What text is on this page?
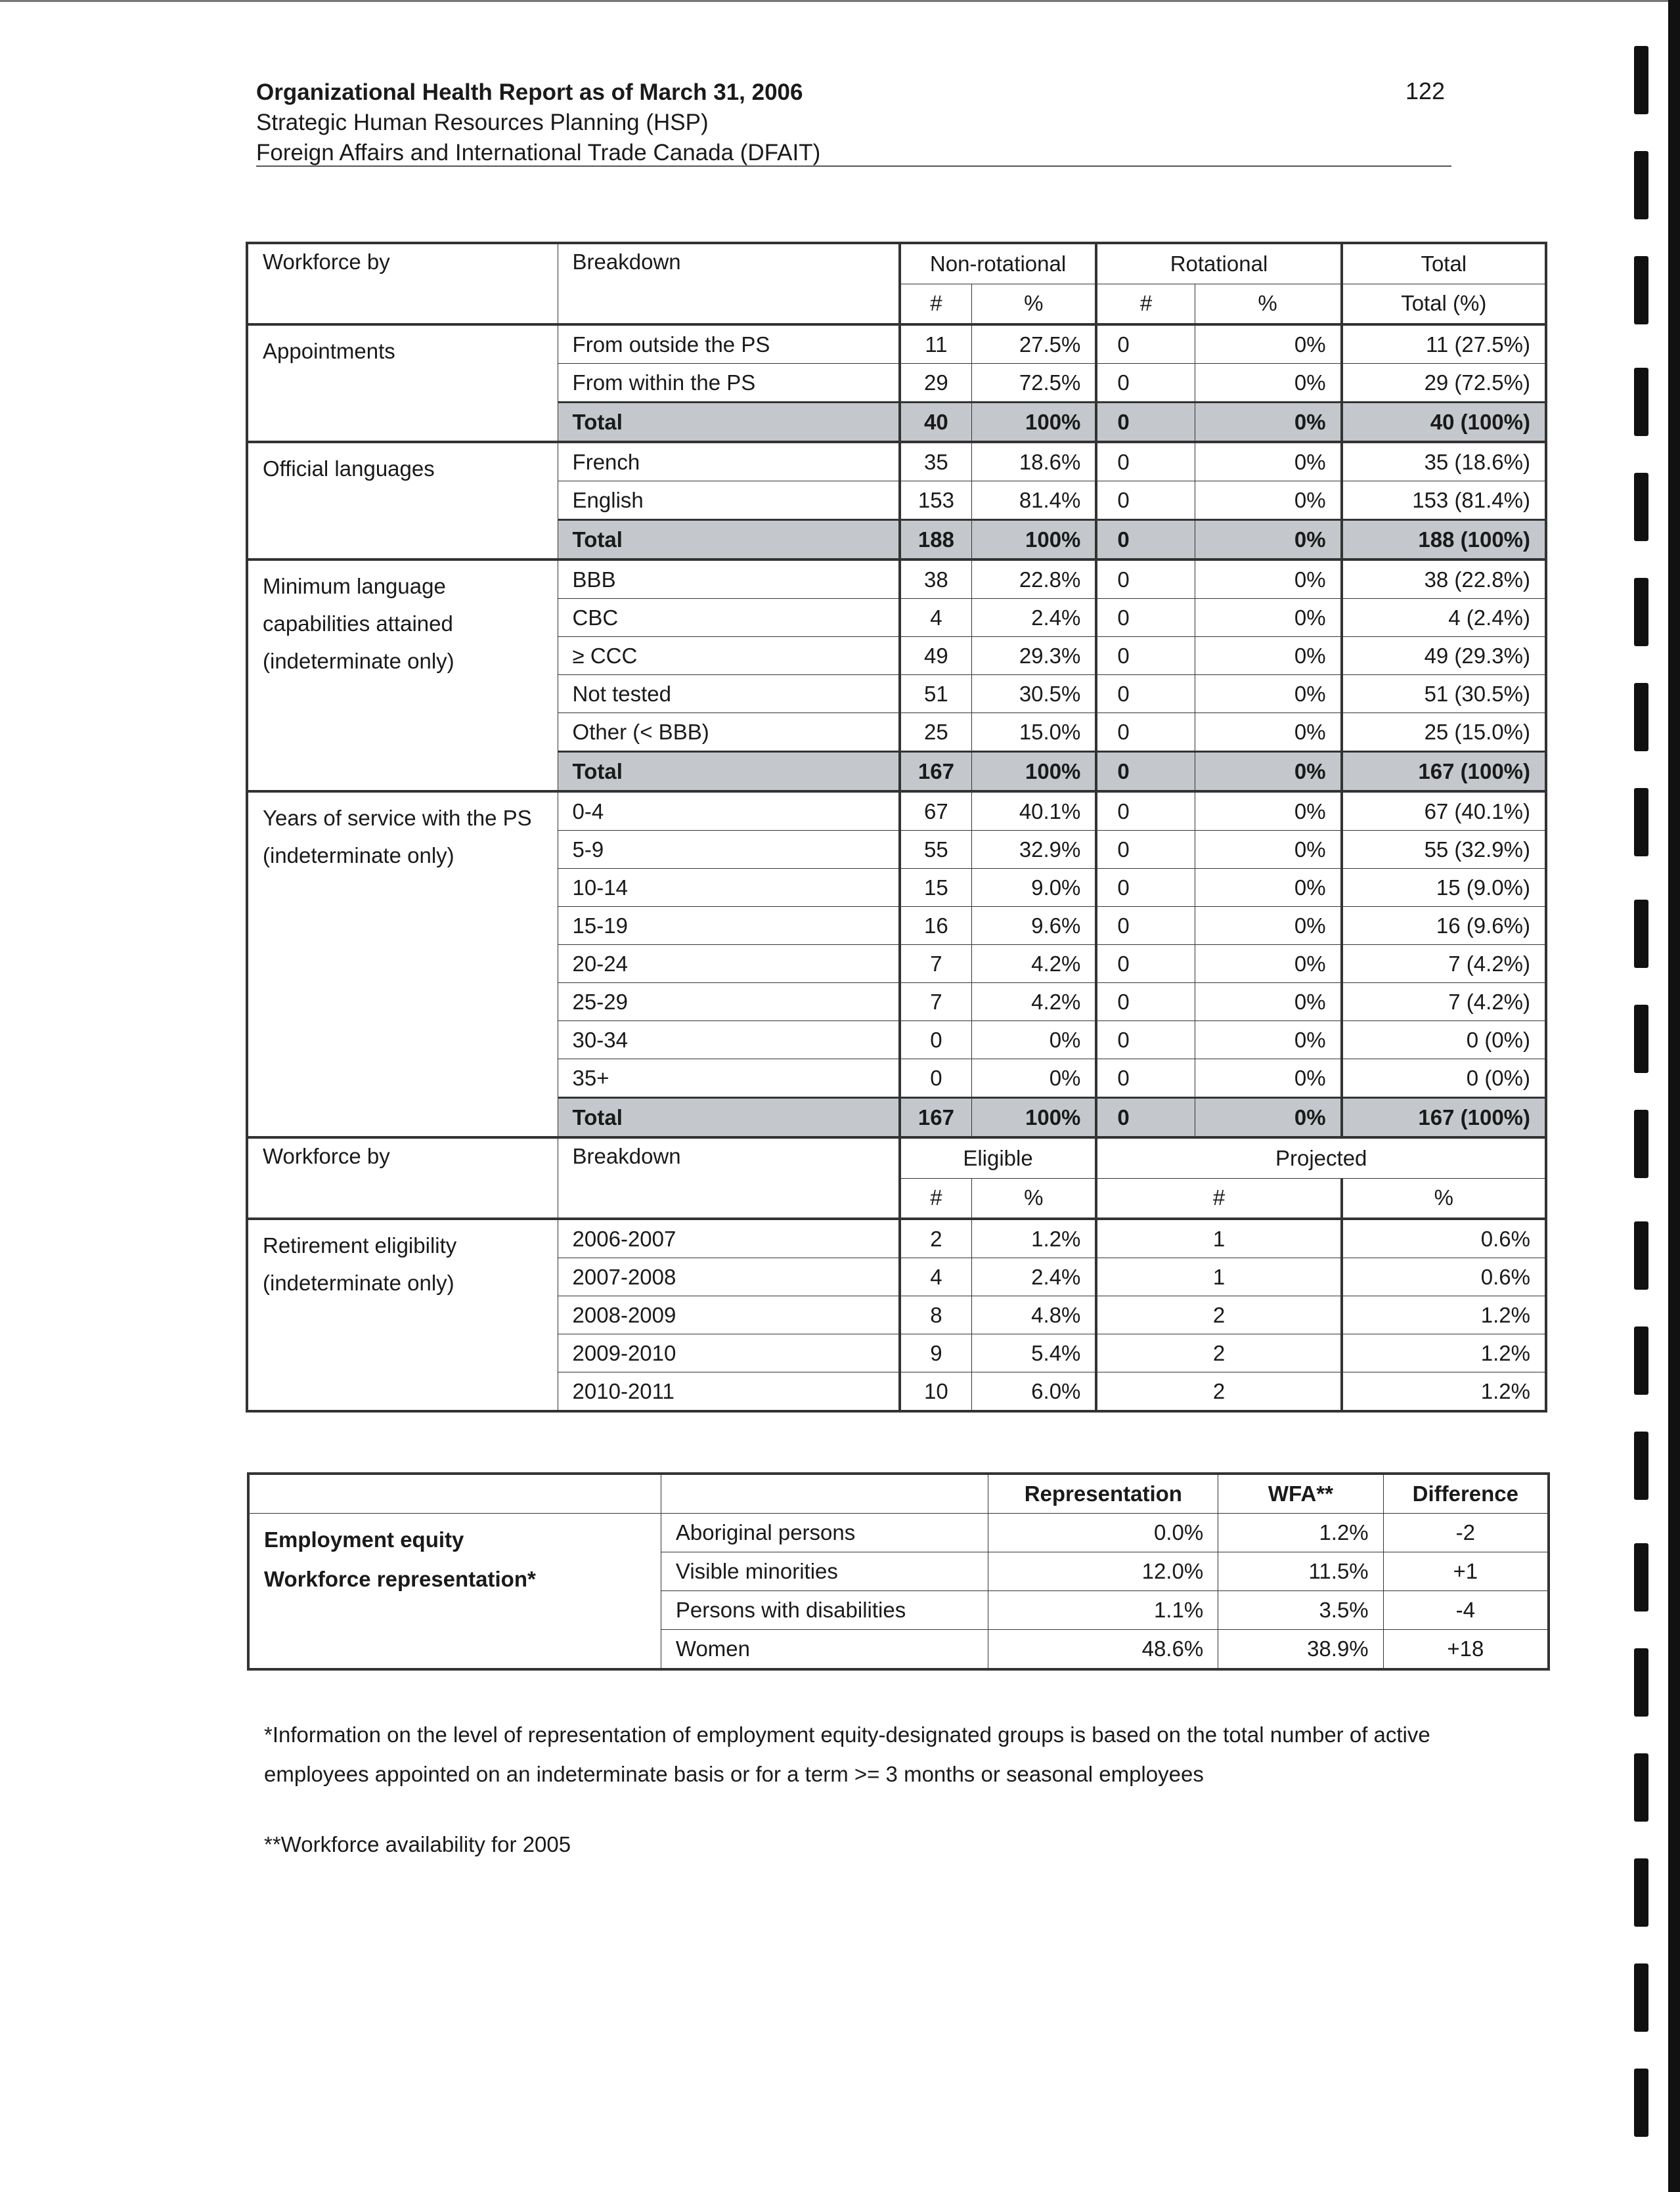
Organizational Health Report as of March 31, 2006
Strategic Human Resources Planning (HSP)
Foreign Affairs and International Trade Canada (DFAIT)
122
Workforce by	Breakdown	Non-rotational		Rotational		Total
		#	%	#	%	Total (%)

Appointments	From outside the PS	11	27.5%	0	0%	11 (27.5%)
	From within the PS	29	72.5%	0	0%	29 (72.5%)
	Total	40	100%	0	0%	40 (100%)

Official languages	French	35	18.6%	0	0%	35 (18.6%)
	English	153	81.4%	0	0%	153 (81.4%)
	Total	188	100%	0	0%	188 (100%)

Minimum language
capabilities attained
(indeterminate only)	BBB	38	22.8%	0	0%	38 (22.8%)
	CBC	4	2.4%	0	0%	4 (2.4%)
	≥ CCC	49	29.3%	0	0%	49 (29.3%)
	Not tested	51	30.5%	0	0%	51 (30.5%)
	Other (< BBB)	25	15.0%	0	0%	25 (15.0%)
	Total	167	100%	0	0%	167 (100%)

Years of service with the PS
(indeterminate only)	0-4	67	40.1%	0	0%	67 (40.1%)
	5-9	55	32.9%	0	0%	55 (32.9%)
	10-14	15	9.0%	0	0%	15 (9.0%)
	15-19	16	9.6%	0	0%	16 (9.6%)
	20-24	7	4.2%	0	0%	7 (4.2%)
	25-29	7	4.2%	0	0%	7 (4.2%)
	30-34	0	0%	0	0%	0 (0%)
	35+	0	0%	0	0%	0 (0%)
	Total	167	100%	0	0%	167 (100%)
Workforce by	Breakdown	Eligible		Projected		
		#	%	#		%

Retirement eligibility
(indeterminate only)	2006-2007	2	1.2%	1		0.6%
	2007-2008	4	2.4%	1		0.6%
	2008-2009	8	4.8%	2		1.2%
	2009-2010	9	5.4%	2		1.2%
	2010-2011	10	6.0%	2		1.2%
		Representation	WFA**	Difference

Employment equity
Workforce representation*	Aboriginal persons	0.0%	1.2%	-2
	Visible minorities	12.0%	11.5%	+1
	Persons with disabilities	1.1%	3.5%	-4
	Women	48.6%	38.9%	+18
*Information on the level of representation of employment equity-designated groups is based on the total number of active employees appointed on an indeterminate basis or for a term >= 3 months or seasonal employees
**Workforce availability for 2005
